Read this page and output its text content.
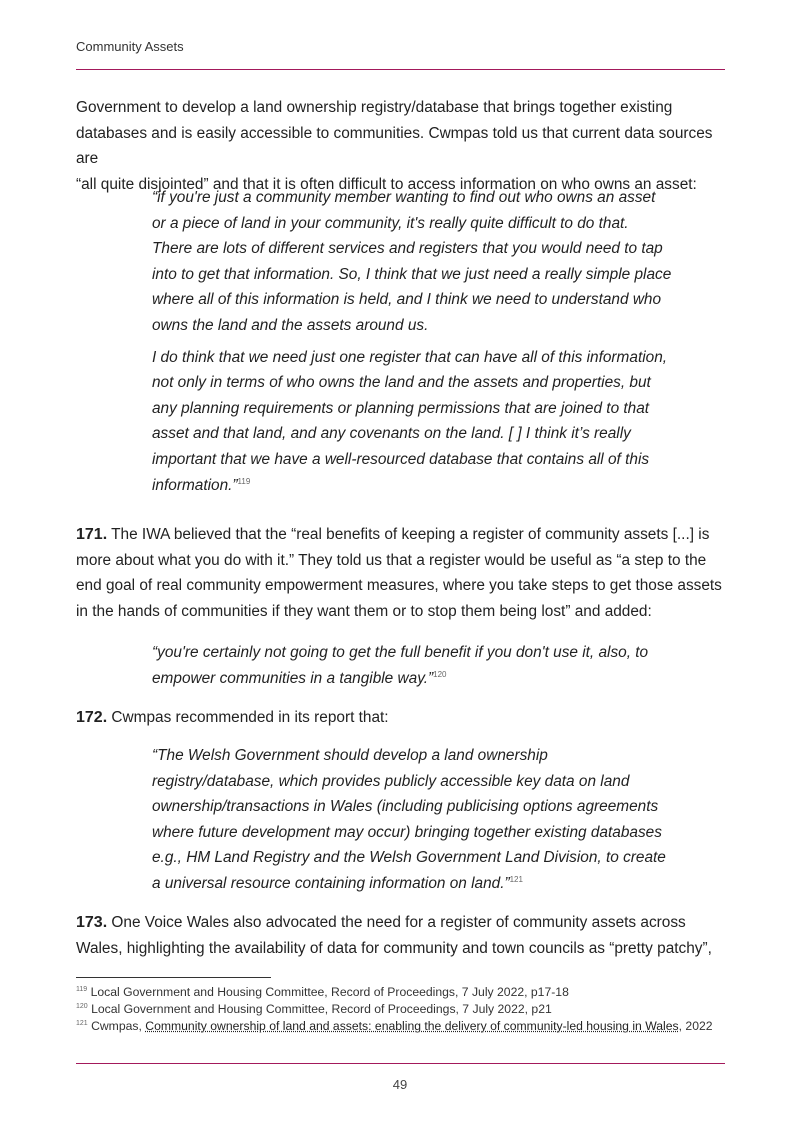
Community Assets
Government to develop a land ownership registry/database that brings together existing
databases and is easily accessible to communities. Cwmpas told us that current data sources are
“all quite disjointed” and that it is often difficult to access information on who owns an asset:

“if you're just a community member wanting to find out who owns an asset or a piece of land in your community, it's really quite difficult to do that. There are lots of different services and registers that you would need to tap into to get that information. So, I think that we just need a really simple place where all of this information is held, and I think we need to understand who owns the land and the assets around us.

I do think that we need just one register that can have all of this information, not only in terms of who owns the land and the assets and properties, but any planning requirements or planning permissions that are joined to that asset and that land, and any covenants on the land. [ ] I think it’s really important that we have a well-resourced database that contains all of this information.”$^{119}$

171. The IWA believed that the “real benefits of keeping a register of community assets [...] is more about what you do with it.” They told us that a register would be useful as “a step to the end goal of real community empowerment measures, where you take steps to get those assets in the hands of communities if they want them or to stop them being lost” and added:

“you're certainly not going to get the full benefit if you don't use it, also, to empower communities in a tangible way.”$^{120}$

172. Cwmpas recommended in its report that:

“The Welsh Government should develop a land ownership registry/database, which provides publicly accessible key data on land ownership/transactions in Wales (including publicising options agreements where future development may occur) bringing together existing databases e.g., HM Land Registry and the Welsh Government Land Division, to create a universal resource containing information on land.”$^{121}$

173. One Voice Wales also advocated the need for a register of community assets across Wales, highlighting the availability of data for community and town councils as “pretty patchy”,

$^{119}$ Local Government and Housing Committee, Record of Proceedings, 7 July 2022, p17-18
$^{120}$ Local Government and Housing Committee, Record of Proceedings, 7 July 2022, p21
$^{121}$ Cwmpas, Community ownership of land and assets: enabling the delivery of community-led housing in Wales, 2022
49
